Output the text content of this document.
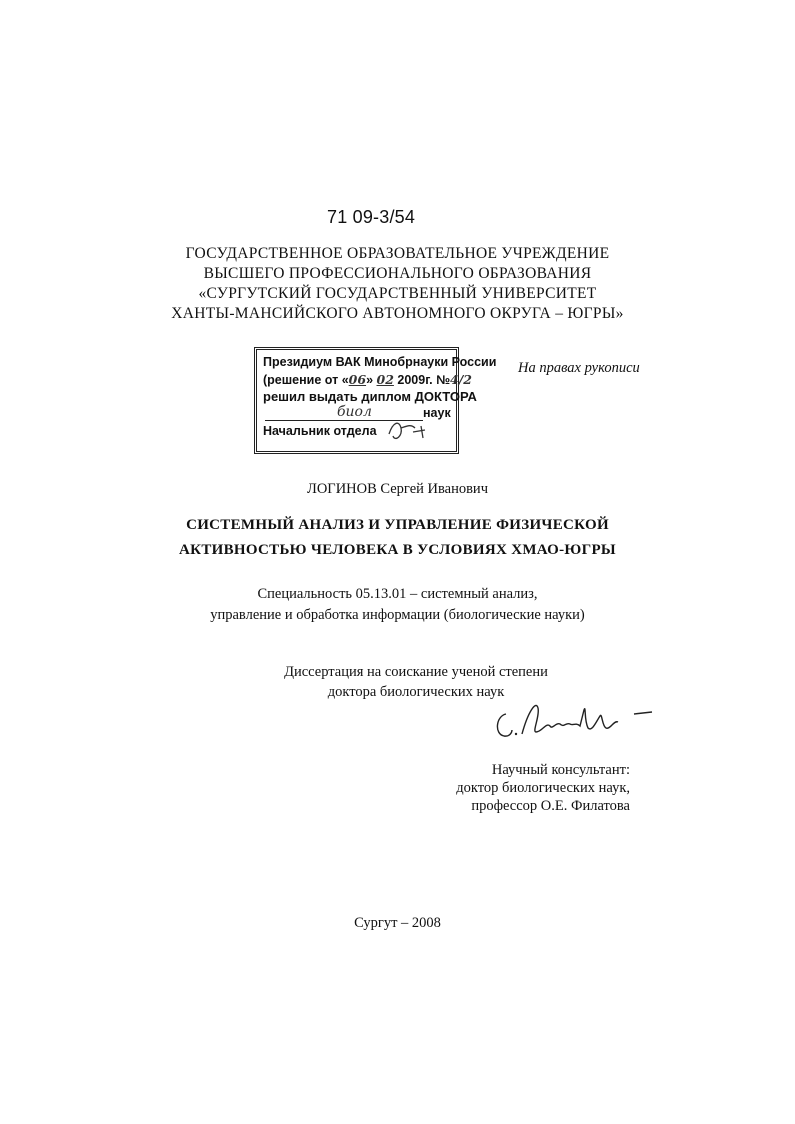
71 09-3/54
ГОСУДАРСТВЕННОЕ ОБРАЗОВАТЕЛЬНОЕ УЧРЕЖДЕНИЕ
ВЫСШЕГО ПРОФЕССИОНАЛЬНОГО ОБРАЗОВАНИЯ
«СУРГУТСКИЙ ГОСУДАРСТВЕННЫЙ УНИВЕРСИТЕТ
ХАНТЫ-МАНСИЙСКОГО АВТОНОМНОГО ОКРУГА – ЮГРЫ»
Президиум ВАК Минобрнауки России
(решение от «06» 02 2009г. №4/2
решил выдать диплом ДОКТОРА
биол	наук
Начальник отдела
На правах рукописи
ЛОГИНОВ Сергей Иванович
СИСТЕМНЫЙ АНАЛИЗ И УПРАВЛЕНИЕ ФИЗИЧЕСКОЙ
АКТИВНОСТЬЮ ЧЕЛОВЕКА В УСЛОВИЯХ ХМАО-ЮГРЫ
Специальность 05.13.01 – системный анализ,
управление и обработка информации (биологические науки)
Диссертация на соискание ученой степени
доктора биологических наук
Научный консультант:
доктор биологических наук,
профессор О.Е. Филатова
Сургут – 2008
